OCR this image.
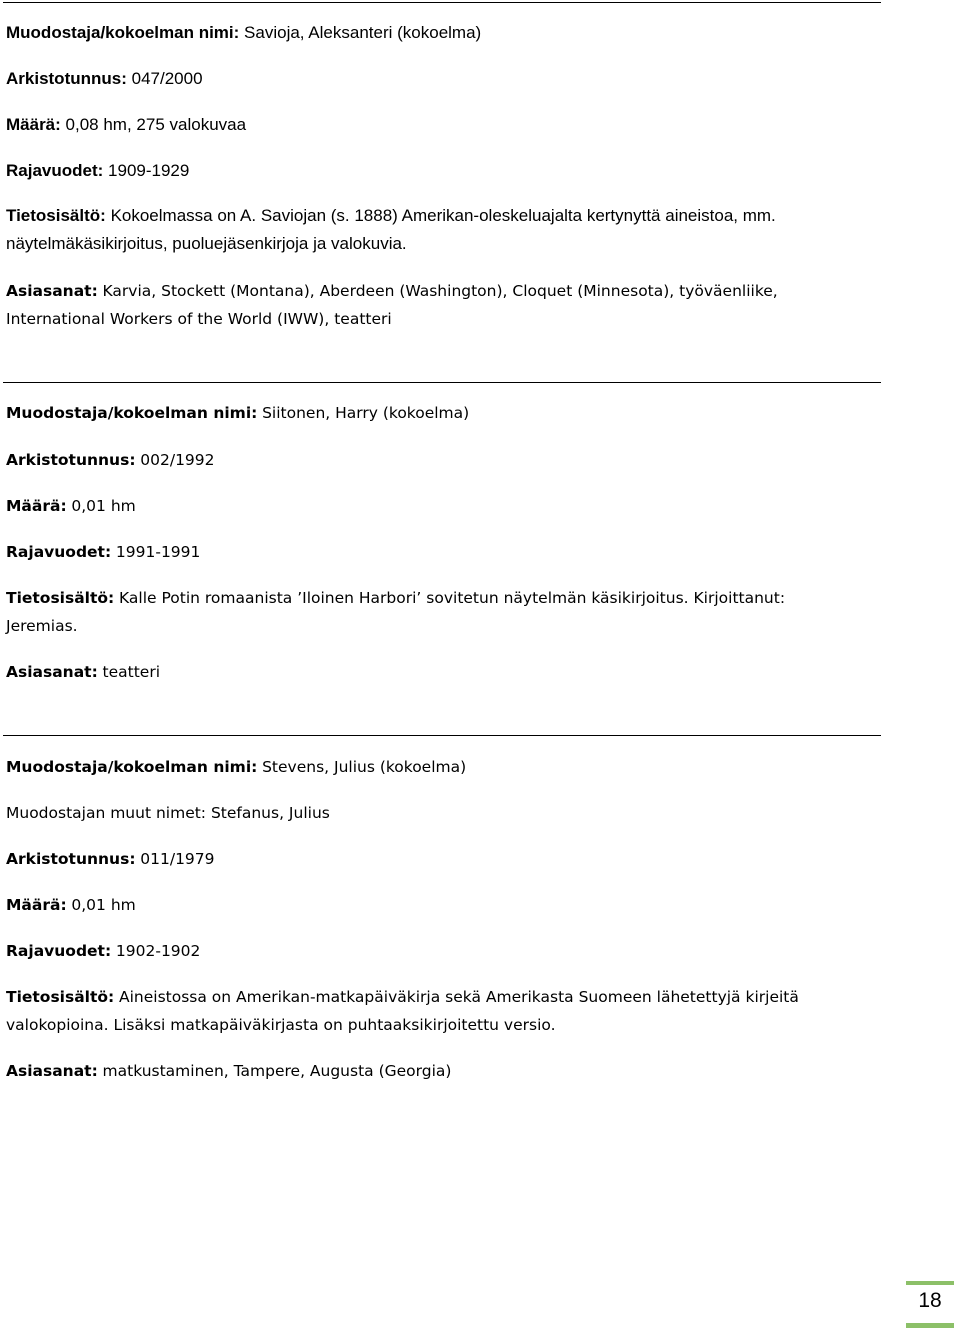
Muodostaja/kokoelman nimi: Savioja, Aleksanteri (kokoelma)
Arkistotunnus: 047/2000
Määrä: 0,08 hm, 275 valokuvaa
Rajavuodet: 1909-1929
Tietosisältö: Kokoelmassa on A. Saviojan (s. 1888) Amerikan-oleskeluajalta kertynyttä aineistoa, mm. näytelmäkäsikirjoitus, puoluejäsenkirjoja ja valokuvia.
Asiasanat: Karvia, Stockett (Montana), Aberdeen (Washington), Cloquet (Minnesota), työväenliike, International Workers of the World (IWW), teatteri
Muodostaja/kokoelman nimi: Siitonen, Harry (kokoelma)
Arkistotunnus: 002/1992
Määrä: 0,01 hm
Rajavuodet: 1991-1991
Tietosisältö: Kalle Potin romaanista ’Iloinen Harbori’ sovitetun näytelmän käsikirjoitus. Kirjoittanut: Jeremias.
Asiasanat: teatteri
Muodostaja/kokoelman nimi: Stevens, Julius (kokoelma)
Muodostajan muut nimet: Stefanus, Julius
Arkistotunnus: 011/1979
Määrä: 0,01 hm
Rajavuodet: 1902-1902
Tietosisältö: Aineistossa on Amerikan-matkapäiväkirja sekä Amerikasta Suomeen lähetettyjä kirjeitä valokopioina. Lisäksi matkapäiväkirjasta on puhtaaksikirjoitettu versio.
Asiasanat: matkustaminen, Tampere, Augusta (Georgia)
18
